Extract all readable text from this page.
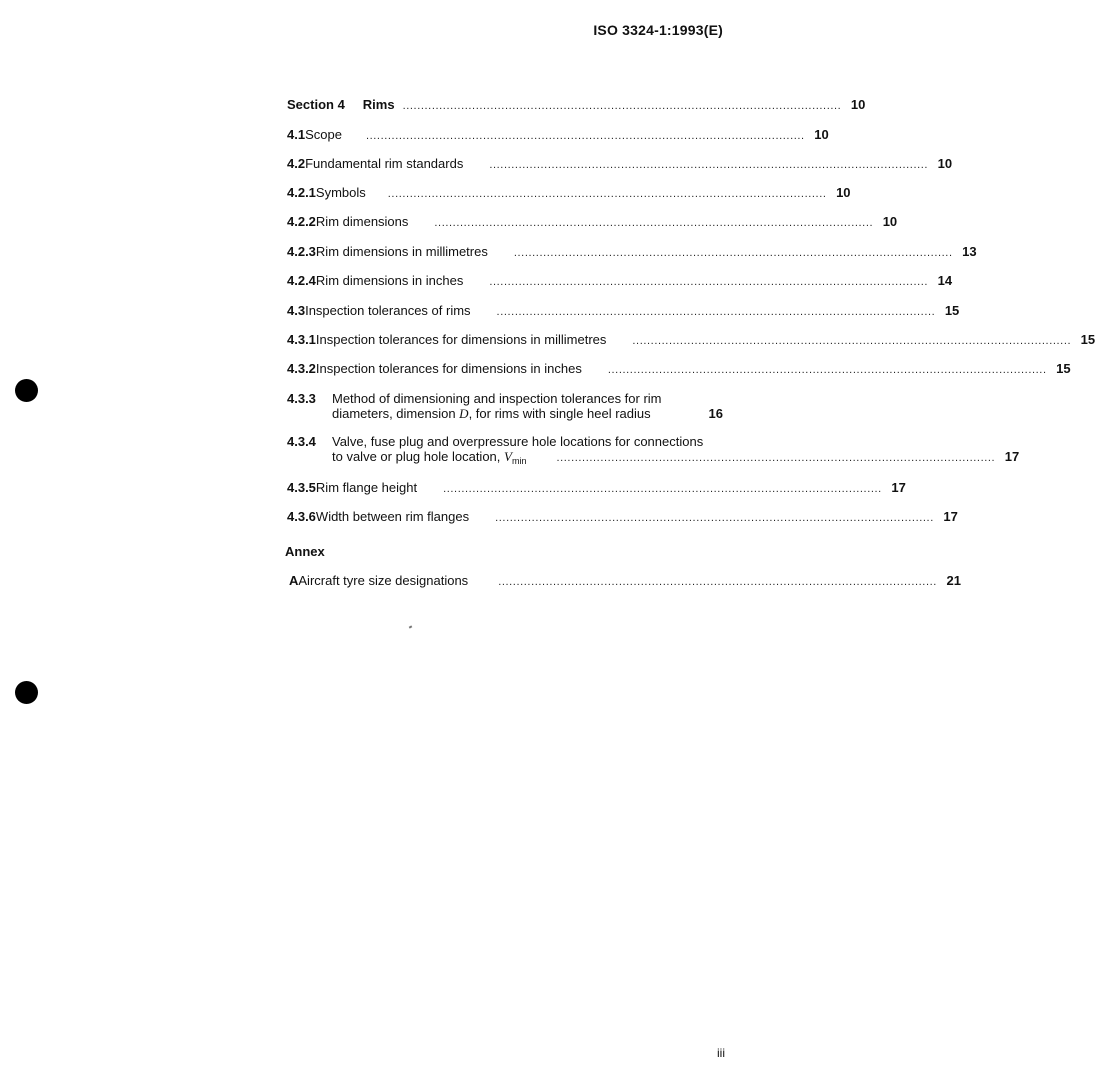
ISO 3324-1:1993(E)
Section 4 Rims ........................................................................................................................ 10
4.1 Scope ........................................................................................................................ 10
4.2 Fundamental rim standards ........................................................................................................................ 10
4.2.1 Symbols ........................................................................................................................ 10
4.2.2 Rim dimensions ........................................................................................................................ 10
4.2.3 Rim dimensions in millimetres ........................................................................................................................ 13
4.2.4 Rim dimensions in inches ........................................................................................................................ 14
4.3 Inspection tolerances of rims ........................................................................................................................ 15
4.3.1 Inspection tolerances for dimensions in millimetres ........................................................................................................................ 15
4.3.2 Inspection tolerances for dimensions in inches ........................................................................................................................ 15
4.3.3	Method of dimensioning and inspection tolerances for rim
diameters, dimension D, for rims with single heel radius	16
4.3.4	Valve, fuse plug and overpressure hole locations for connections
to valve or plug hole location, $V_{min}$	........................................................................................................................ 17
4.3.5 Rim flange height ........................................................................................................................ 17
4.3.6 Width between rim flanges ........................................................................................................................ 17
Annex
A Aircraft tyre size designations	........................................................................................................................ 21
iii
